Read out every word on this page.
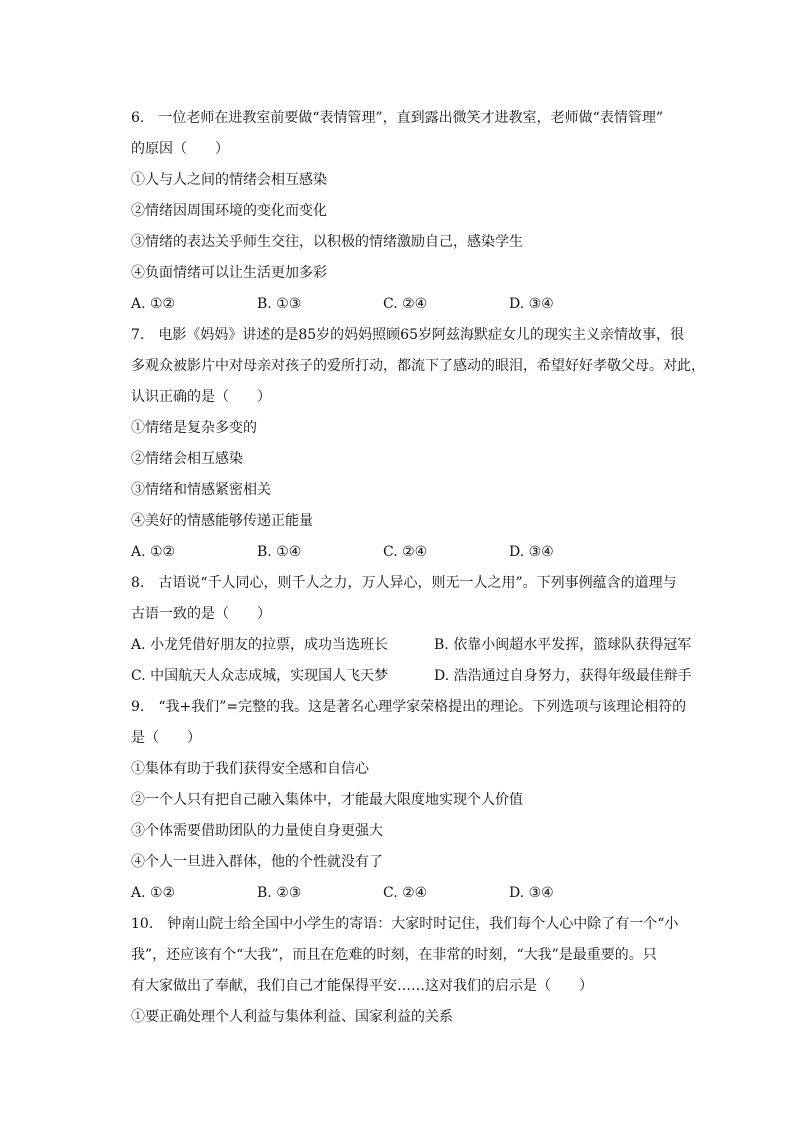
6.　一位老师在进教室前要做“表情管理”，直到露出微笑才进教室，老师做“表情管理”
的原因（　　）
①人与人之间的情绪会相互感染
②情绪因周围环境的变化而变化
③情绪的表达关乎师生交往，以积极的情绪激励自己，感染学生
④负面情绪可以让生活更加多彩
A. ①②	B. ①③	C. ②④	D. ③④
7.　电影《妈妈》讲述的是85岁的妈妈照顾65岁阿兹海默症女儿的现实主义亲情故事，很
多观众被影片中对母亲对孩子的爱所打动，都流下了感动的眼泪，希望好好孝敬父母。对此，
认识正确的是（　　）
①情绪是复杂多变的
②情绪会相互感染
③情绪和情感紧密相关
④美好的情感能够传递正能量
A. ①②	B. ①④	C. ②④	D. ③④
8.　古语说“千人同心，则千人之力，万人异心，则无一人之用”。下列事例蕴含的道理与
古语一致的是（　　）
A. 小龙凭借好朋友的拉票，成功当选班长	B. 依靠小闽超水平发挥，篮球队获得冠军
C. 中国航天人众志成城，实现国人飞天梦	D. 浩浩通过自身努力，获得年级最佳辩手
9.　“我+我们”=完整的我。这是著名心理学家荣格提出的理论。下列选项与该理论相符的
是（　　）
①集体有助于我们获得安全感和自信心
②一个人只有把自己融入集体中，才能最大限度地实现个人价值
③个体需要借助团队的力量使自身更强大
④个人一旦进入群体，他的个性就没有了
A. ①②	B. ②③	C. ②④	D. ③④
10.　钟南山院士给全国中小学生的寄语：大家时时记住，我们每个人心中除了有一个“小
我”，还应该有个“大我”，而且在危难的时刻，在非常的时刻，“大我”是最重要的。只
有大家做出了奉献，我们自己才能保得平安……这对我们的启示是（　　）
①要正确处理个人利益与集体利益、国家利益的关系
